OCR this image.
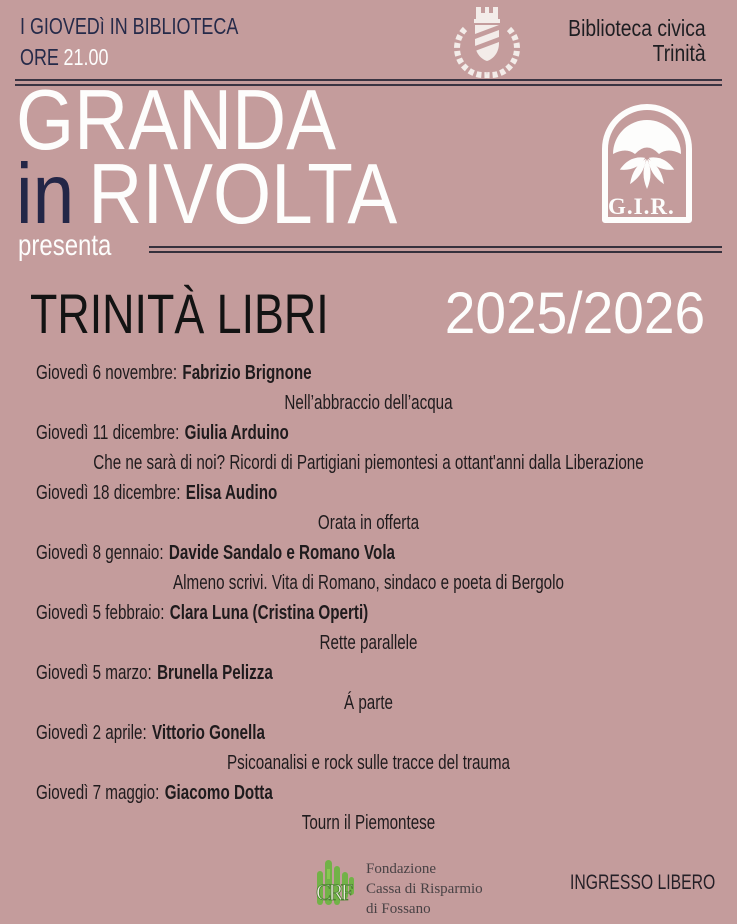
I GIOVEDì IN BIBLIOTECA
ORE 21.00
Biblioteca civica
Trinità
GRANDA
in RIVOLTA	G.I.R.
presenta
TRINITÀ LIBRI 2025/2026
Giovedì 6 novembre: Fabrizio Brignone
Nell’abbraccio dell’acqua
Giovedì 11 dicembre: Giulia Arduino
Che ne sarà di noi? Ricordi di Partigiani piemontesi a ottant'anni dalla Liberazione
Giovedì 18 dicembre: Elisa Audino
Orata in offerta
Giovedì 8 gennaio: Davide Sandalo e Romano Vola
Almeno scrivi. Vita di Romano, sindaco e poeta di Bergolo
Giovedì 5 febbraio: Clara Luna (Cristina Operti)
Rette parallele
Giovedì 5 marzo: Brunella Pelizza
Á parte
Giovedì 2 aprile: Vittorio Gonella
Psicoanalisi e rock sulle tracce del trauma
Giovedì 7 maggio: Giacomo Dotta
Tourn il Piemontese
CRF
Fondazione
Cassa di Risparmio
di Fossano
INGRESSO LIBERO
